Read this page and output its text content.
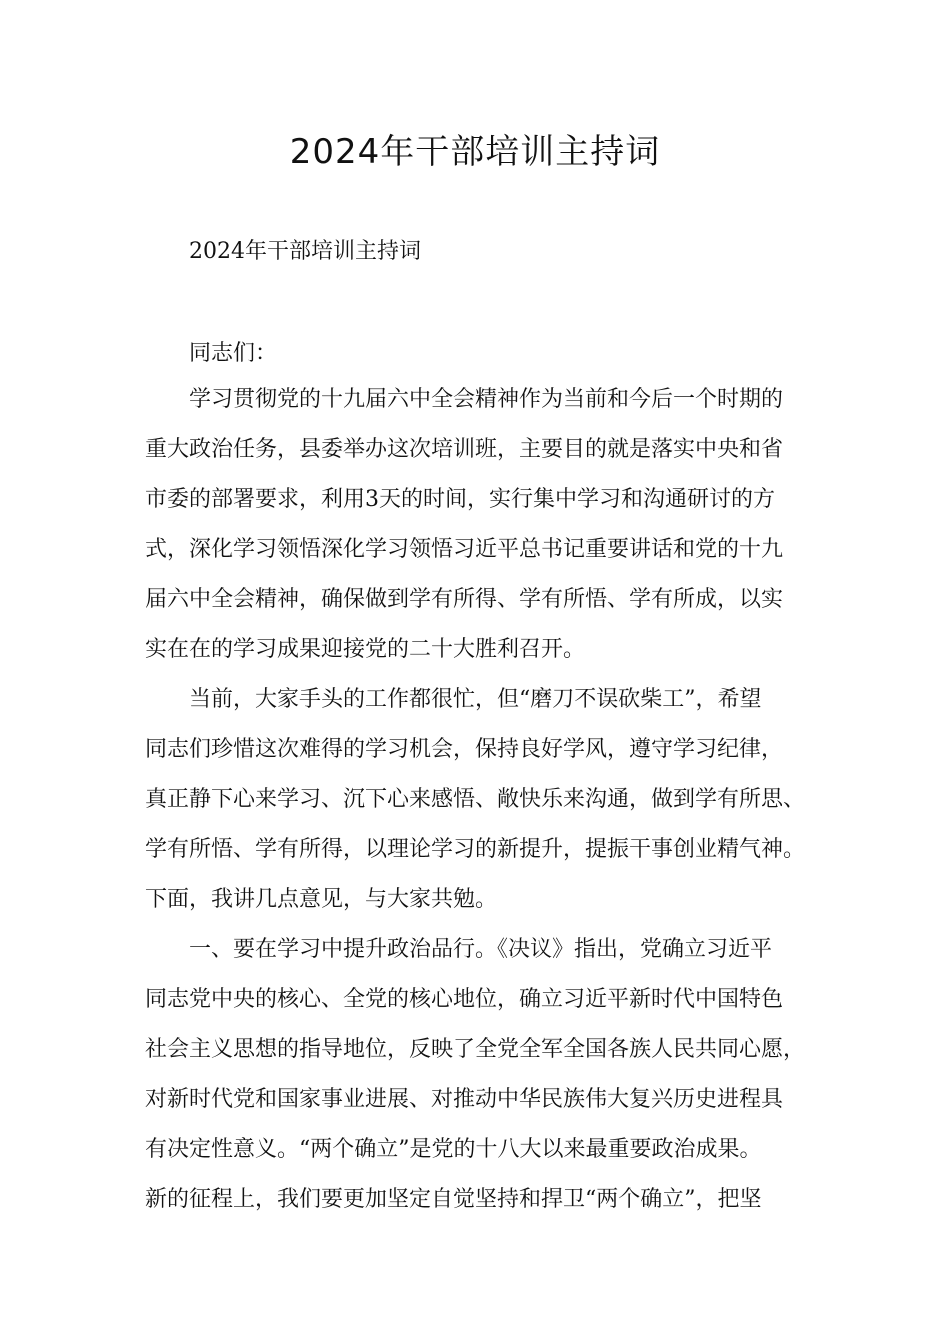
2024年干部培训主持词

2024年干部培训主持词

同志们：

学习贯彻党的十九届六中全会精神作为当前和今后一个时期的

重大政治任务，县委举办这次培训班，主要目的就是落实中央和省

市委的部署要求，利用3天的时间，实行集中学习和沟通研讨的方

式，深化学习领悟深化学习领悟习近平总书记重要讲话和党的十九

届六中全会精神，确保做到学有所得、学有所悟、学有所成，以实

实在在的学习成果迎接党的二十大胜利召开。

当前，大家手头的工作都很忙，但“磨刀不误砍柴工”，希望

同志们珍惜这次难得的学习机会，保持良好学风，遵守学习纪律，

真正静下心来学习、沉下心来感悟、敞快乐来沟通，做到学有所思、

学有所悟、学有所得，以理论学习的新提升，提振干事创业精气神。

下面，我讲几点意见，与大家共勉。

一、要在学习中提升政治品行。《决议》指出，党确立习近平

同志党中央的核心、全党的核心地位，确立习近平新时代中国特色

社会主义思想的指导地位，反映了全党全军全国各族人民共同心愿，

对新时代党和国家事业进展、对推动中华民族伟大复兴历史进程具

有决定性意义。“两个确立”是党的十八大以来最重要政治成果。

新的征程上，我们要更加坚定自觉坚持和捍卫“两个确立”，把坚
